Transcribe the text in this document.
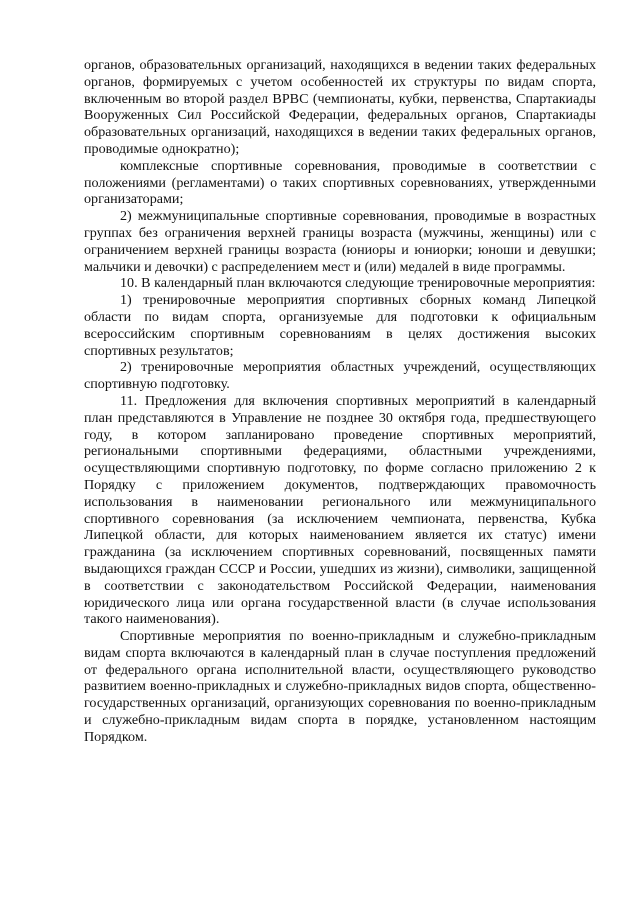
органов, образовательных организаций, находящихся в ведении таких федеральных органов, формируемых с учетом особенностей их структуры по видам спорта, включенным во второй раздел ВРВС (чемпионаты, кубки, первенства, Спартакиады Вооруженных Сил Российской Федерации, федеральных органов, Спартакиады образовательных организаций, находящихся в ведении таких федеральных органов, проводимые однократно);

комплексные спортивные соревнования, проводимые в соответствии с положениями (регламентами) о таких спортивных соревнованиях, утвержденными организаторами;

2) межмуниципальные спортивные соревнования, проводимые в возрастных группах без ограничения верхней границы возраста (мужчины, женщины) или с ограничением верхней границы возраста (юниоры и юниорки; юноши и девушки; мальчики и девочки) с распределением мест и (или) медалей в виде программы.

10. В календарный план включаются следующие тренировочные мероприятия:

1) тренировочные мероприятия спортивных сборных команд Липецкой области по видам спорта, организуемые для подготовки к официальным всероссийским спортивным соревнованиям в целях достижения высоких спортивных результатов;

2) тренировочные мероприятия областных учреждений, осуществляющих спортивную подготовку.

11. Предложения для включения спортивных мероприятий в календарный план представляются в Управление не позднее 30 октября года, предшествующего году, в котором запланировано проведение спортивных мероприятий, региональными спортивными федерациями, областными учреждениями, осуществляющими спортивную подготовку, по форме согласно приложению 2 к Порядку с приложением документов, подтверждающих правомочность использования в наименовании регионального или межмуниципального спортивного соревнования (за исключением чемпионата, первенства, Кубка Липецкой области, для которых наименованием является их статус) имени гражданина (за исключением спортивных соревнований, посвященных памяти выдающихся граждан СССР и России, ушедших из жизни), символики, защищенной в соответствии с законодательством Российской Федерации, наименования юридического лица или органа государственной власти (в случае использования такого наименования).

Спортивные мероприятия по военно-прикладным и служебно-прикладным видам спорта включаются в календарный план в случае поступления предложений от федерального органа исполнительной власти, осуществляющего руководство развитием военно-прикладных и служебно-прикладных видов спорта, общественно-государственных организаций, организующих соревнования по военно-прикладным и служебно-прикладным видам спорта в порядке, установленном настоящим Порядком.
